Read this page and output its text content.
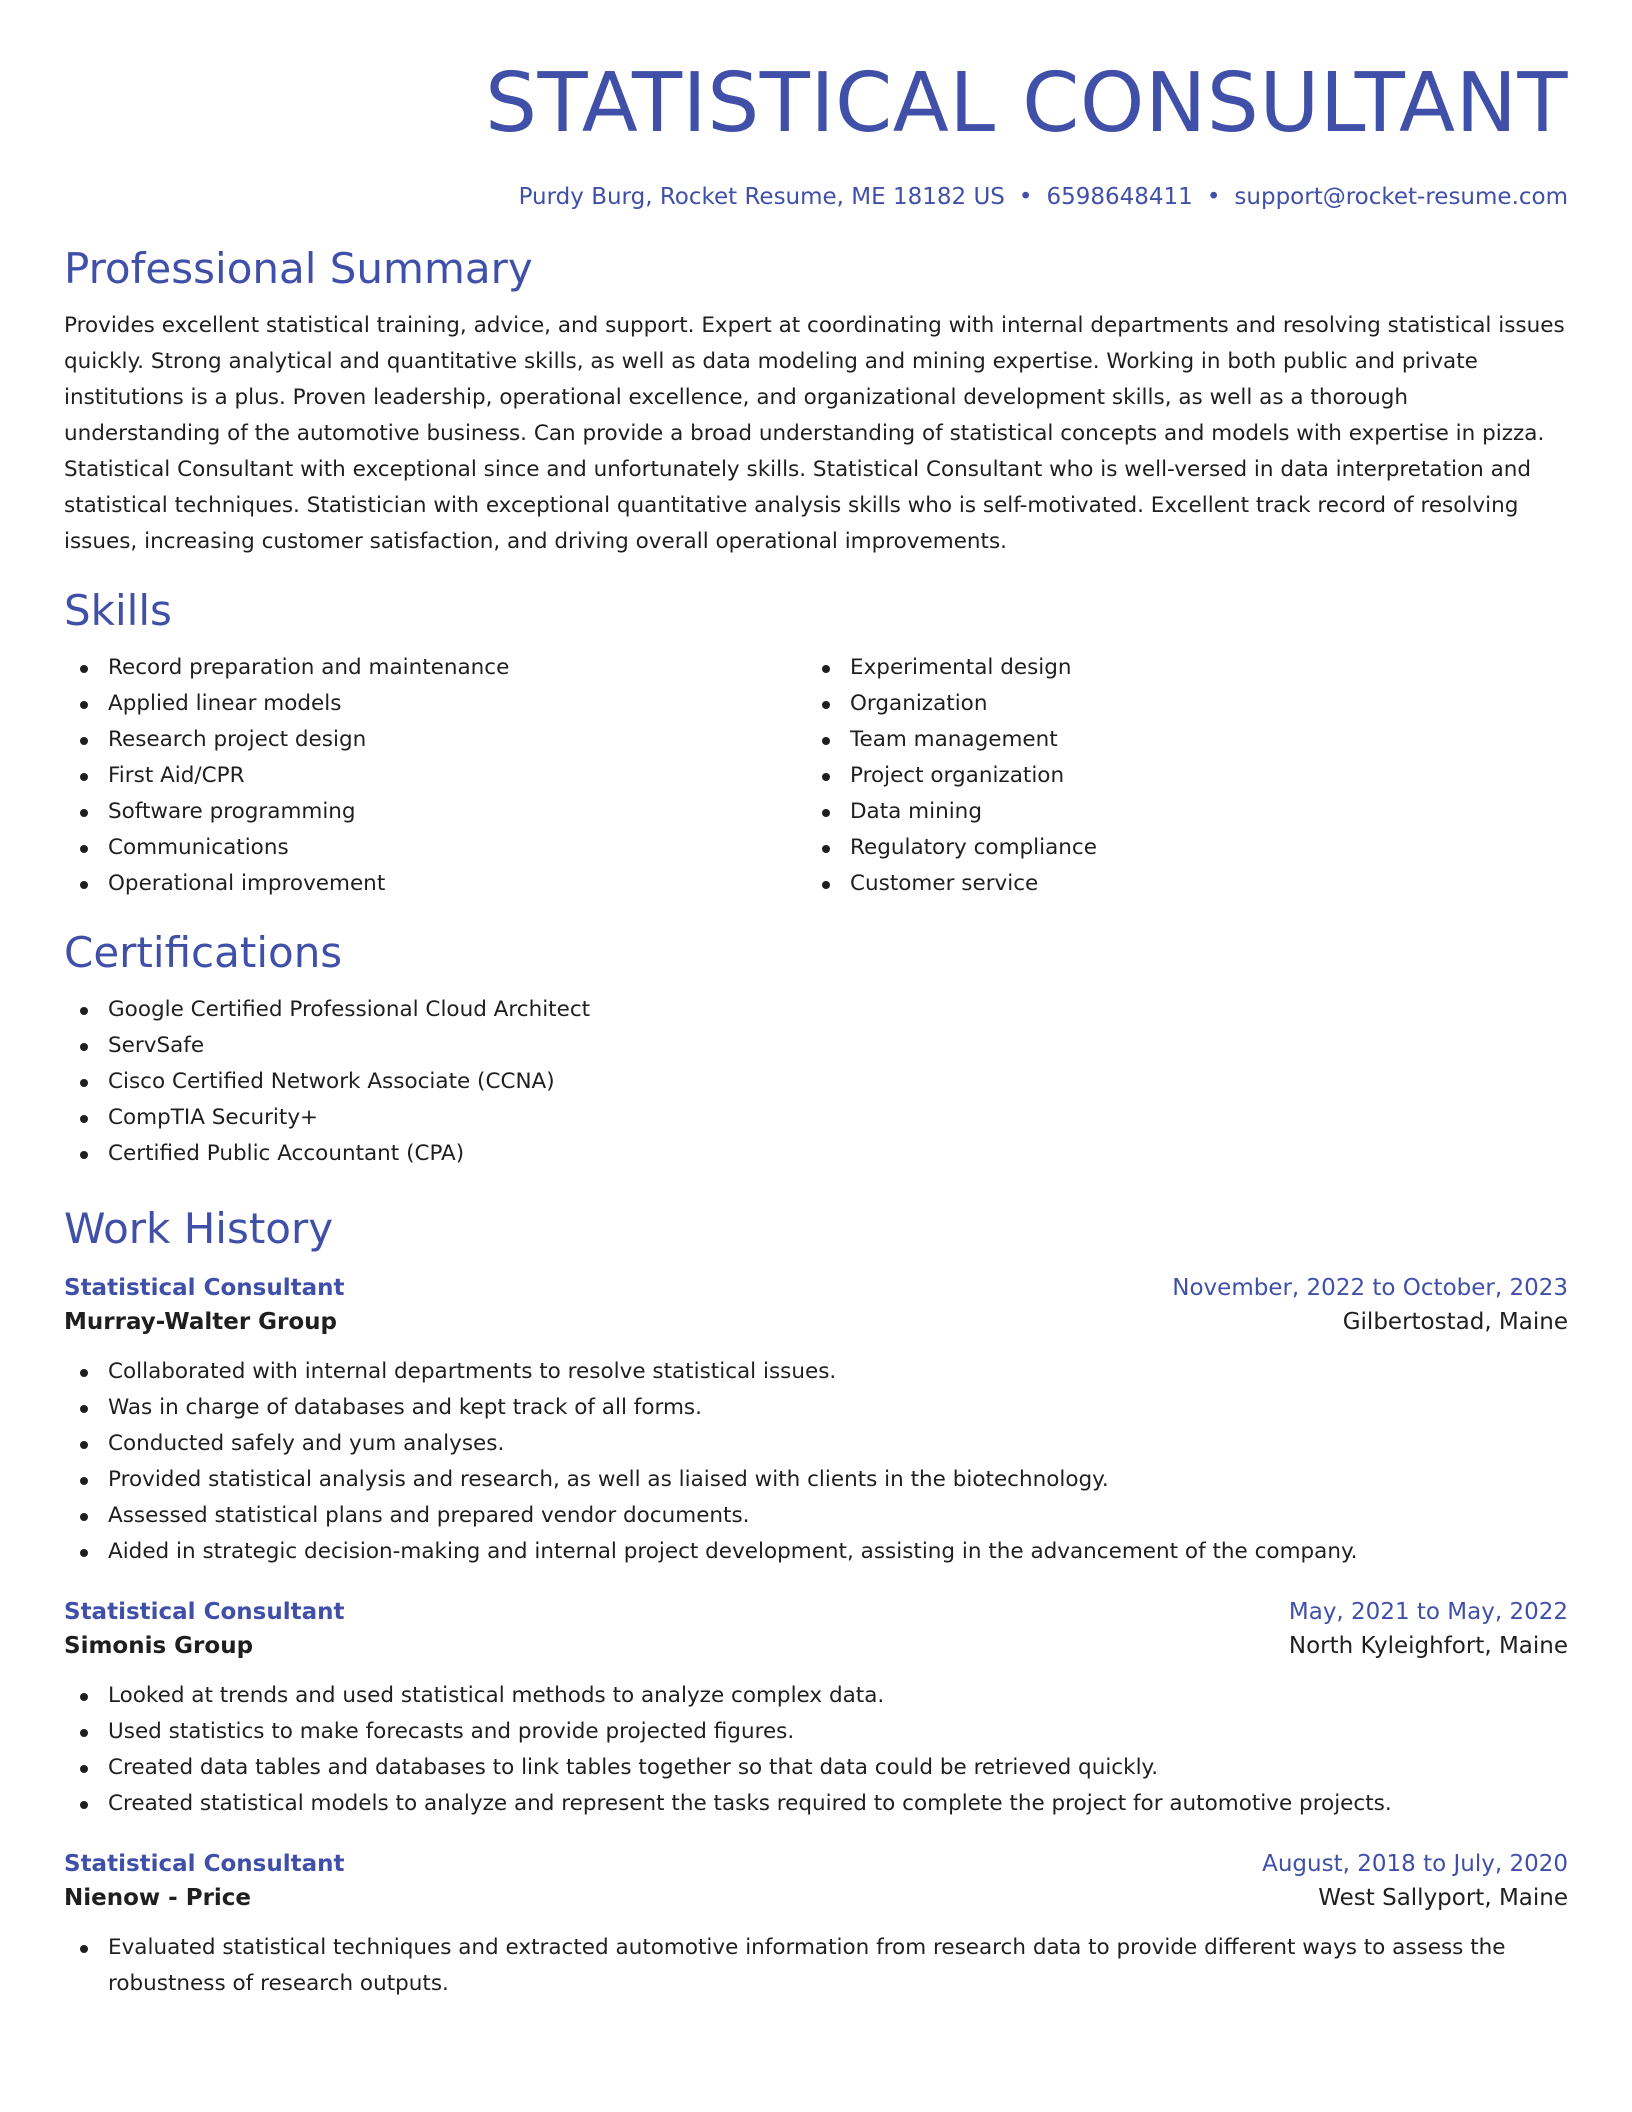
STATISTICAL CONSULTANT
Purdy Burg, Rocket Resume, ME 18182 US • 6598648411 • support@rocket-resume.com
Professional Summary

Provides excellent statistical training, advice, and support. Expert at coordinating with internal departments and resolving statistical issues quickly. Strong analytical and quantitative skills, as well as data modeling and mining expertise. Working in both public and private institutions is a plus. Proven leadership, operational excellence, and organizational development skills, as well as a thorough understanding of the automotive business. Can provide a broad understanding of statistical concepts and models with expertise in pizza. Statistical Consultant with exceptional since and unfortunately skills. Statistical Consultant who is well-versed in data interpretation and statistical techniques. Statistician with exceptional quantitative analysis skills who is self-motivated. Excellent track record of resolving issues, increasing customer satisfaction, and driving overall operational improvements.

Skills
Record preparation and maintenance
Applied linear models
Research project design
First Aid/CPR
Software programming
Communications
Operational improvement
Experimental design
Organization
Team management
Project organization
Data mining
Regulatory compliance
Customer service
Certifications
Google Certified Professional Cloud Architect
ServSafe
Cisco Certified Network Associate (CCNA)
CompTIA Security+
Certified Public Accountant (CPA)
Work History
Statistical Consultant	November, 2022 to October, 2023
Murray-Walter Group	Gilbertostad, Maine
Collaborated with internal departments to resolve statistical issues.
Was in charge of databases and kept track of all forms.
Conducted safely and yum analyses.
Provided statistical analysis and research, as well as liaised with clients in the biotechnology.
Assessed statistical plans and prepared vendor documents.
Aided in strategic decision-making and internal project development, assisting in the advancement of the company.
Statistical Consultant	May, 2021 to May, 2022
Simonis Group	North Kyleighfort, Maine
Looked at trends and used statistical methods to analyze complex data.
Used statistics to make forecasts and provide projected figures.
Created data tables and databases to link tables together so that data could be retrieved quickly.
Created statistical models to analyze and represent the tasks required to complete the project for automotive projects.
Statistical Consultant	August, 2018 to July, 2020
Nienow - Price	West Sallyport, Maine
Evaluated statistical techniques and extracted automotive information from research data to provide different ways to assess the robustness of research outputs.
